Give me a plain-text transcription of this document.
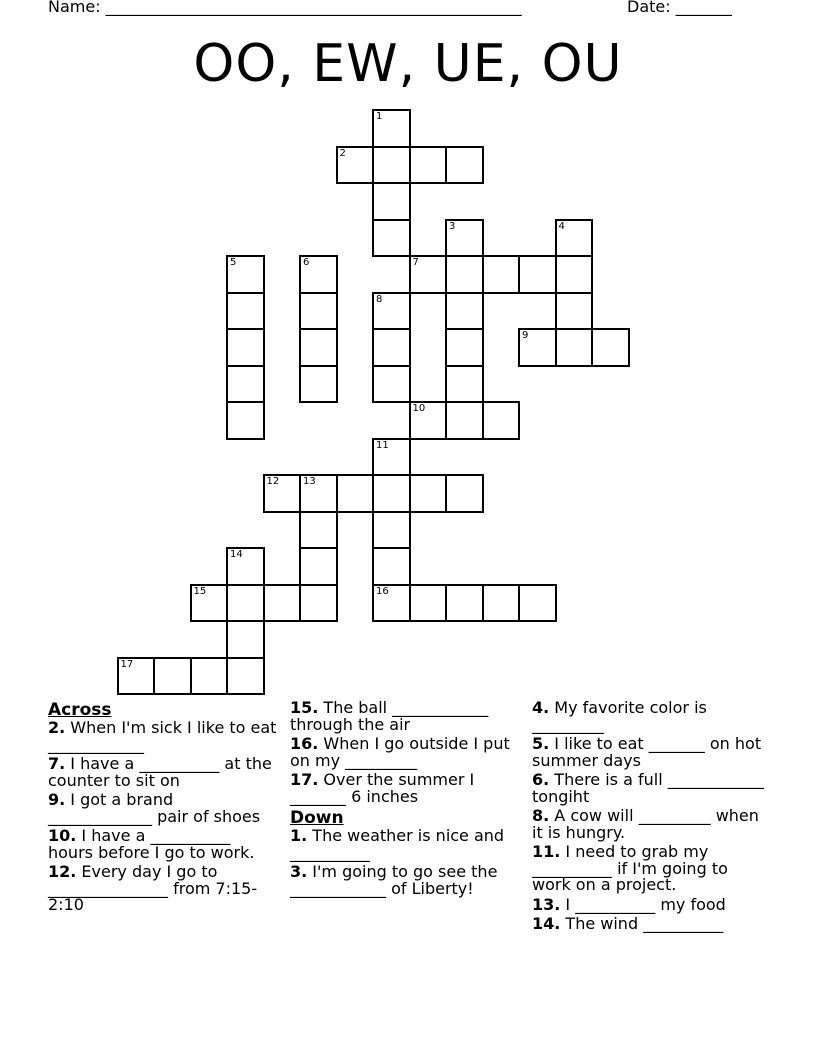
Name: ____________________________________________________	Date: _______
OO, EW, UE, OU
1
2
3	4
5	6	7
8
9
10
11
12 13
14
15	16
17
Across
2. When I'm sick I like to eat ____________
7. I have a __________ at the counter to sit on
9. I got a brand _____________ pair of shoes
10. I have a __________ hours before I go to work.
12. Every day I go to _______________ from 7:15-2:10
15. The ball ____________ through the air
16. When I go outside I put on my _________
17. Over the summer I _______ 6 inches
Down
1. The weather is nice and __________
3. I'm going to go see the ____________ of Liberty!
4. My favorite color is _________
5. I like to eat _______ on hot summer days
6. There is a full ____________ tongiht
8. A cow will _________ when it is hungry.
11. I need to grab my __________ if I'm going to work on a project.
13. I __________ my food
14. The wind __________
